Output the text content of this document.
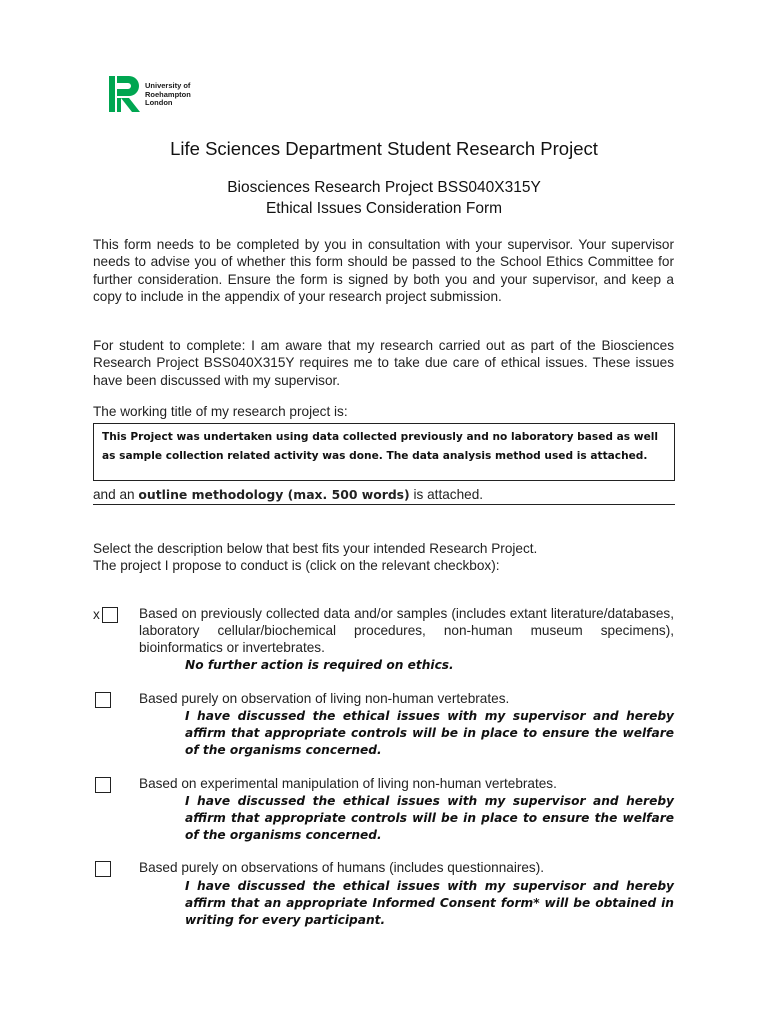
University of
Roehampton
London
Life Sciences Department Student Research Project
Biosciences Research Project BSS040X315Y
Ethical Issues Consideration Form
This form needs to be completed by you in consultation with your supervisor. Your supervisor needs to advise you of whether this form should be passed to the School Ethics Committee for further consideration. Ensure the form is signed by both you and your supervisor, and keep a copy to include in the appendix of your research project submission.
For student to complete: I am aware that my research carried out as part of the Biosciences Research Project BSS040X315Y requires me to take due care of ethical issues. These issues have been discussed with my supervisor.
The working title of my research project is:
This Project was undertaken using data collected previously and no laboratory based as well as sample collection related activity was done. The data analysis method used is attached.
and an outline methodology (max. 500 words) is attached.
Select the description below that best fits your intended Research Project.
The project I propose to conduct is (click on the relevant checkbox):
x	Based on previously collected data and/or samples (includes extant literature/databases, laboratory cellular/biochemical procedures, non-human museum specimens), bioinformatics or invertebrates.
No further action is required on ethics.
Based purely on observation of living non-human vertebrates.
I have discussed the ethical issues with my supervisor and hereby affirm that appropriate controls will be in place to ensure the welfare of the organisms concerned.
Based on experimental manipulation of living non-human vertebrates.
I have discussed the ethical issues with my supervisor and hereby affirm that appropriate controls will be in place to ensure the welfare of the organisms concerned.
Based purely on observations of humans (includes questionnaires).
I have discussed the ethical issues with my supervisor and hereby affirm that an appropriate Informed Consent form* will be obtained in writing for every participant.
